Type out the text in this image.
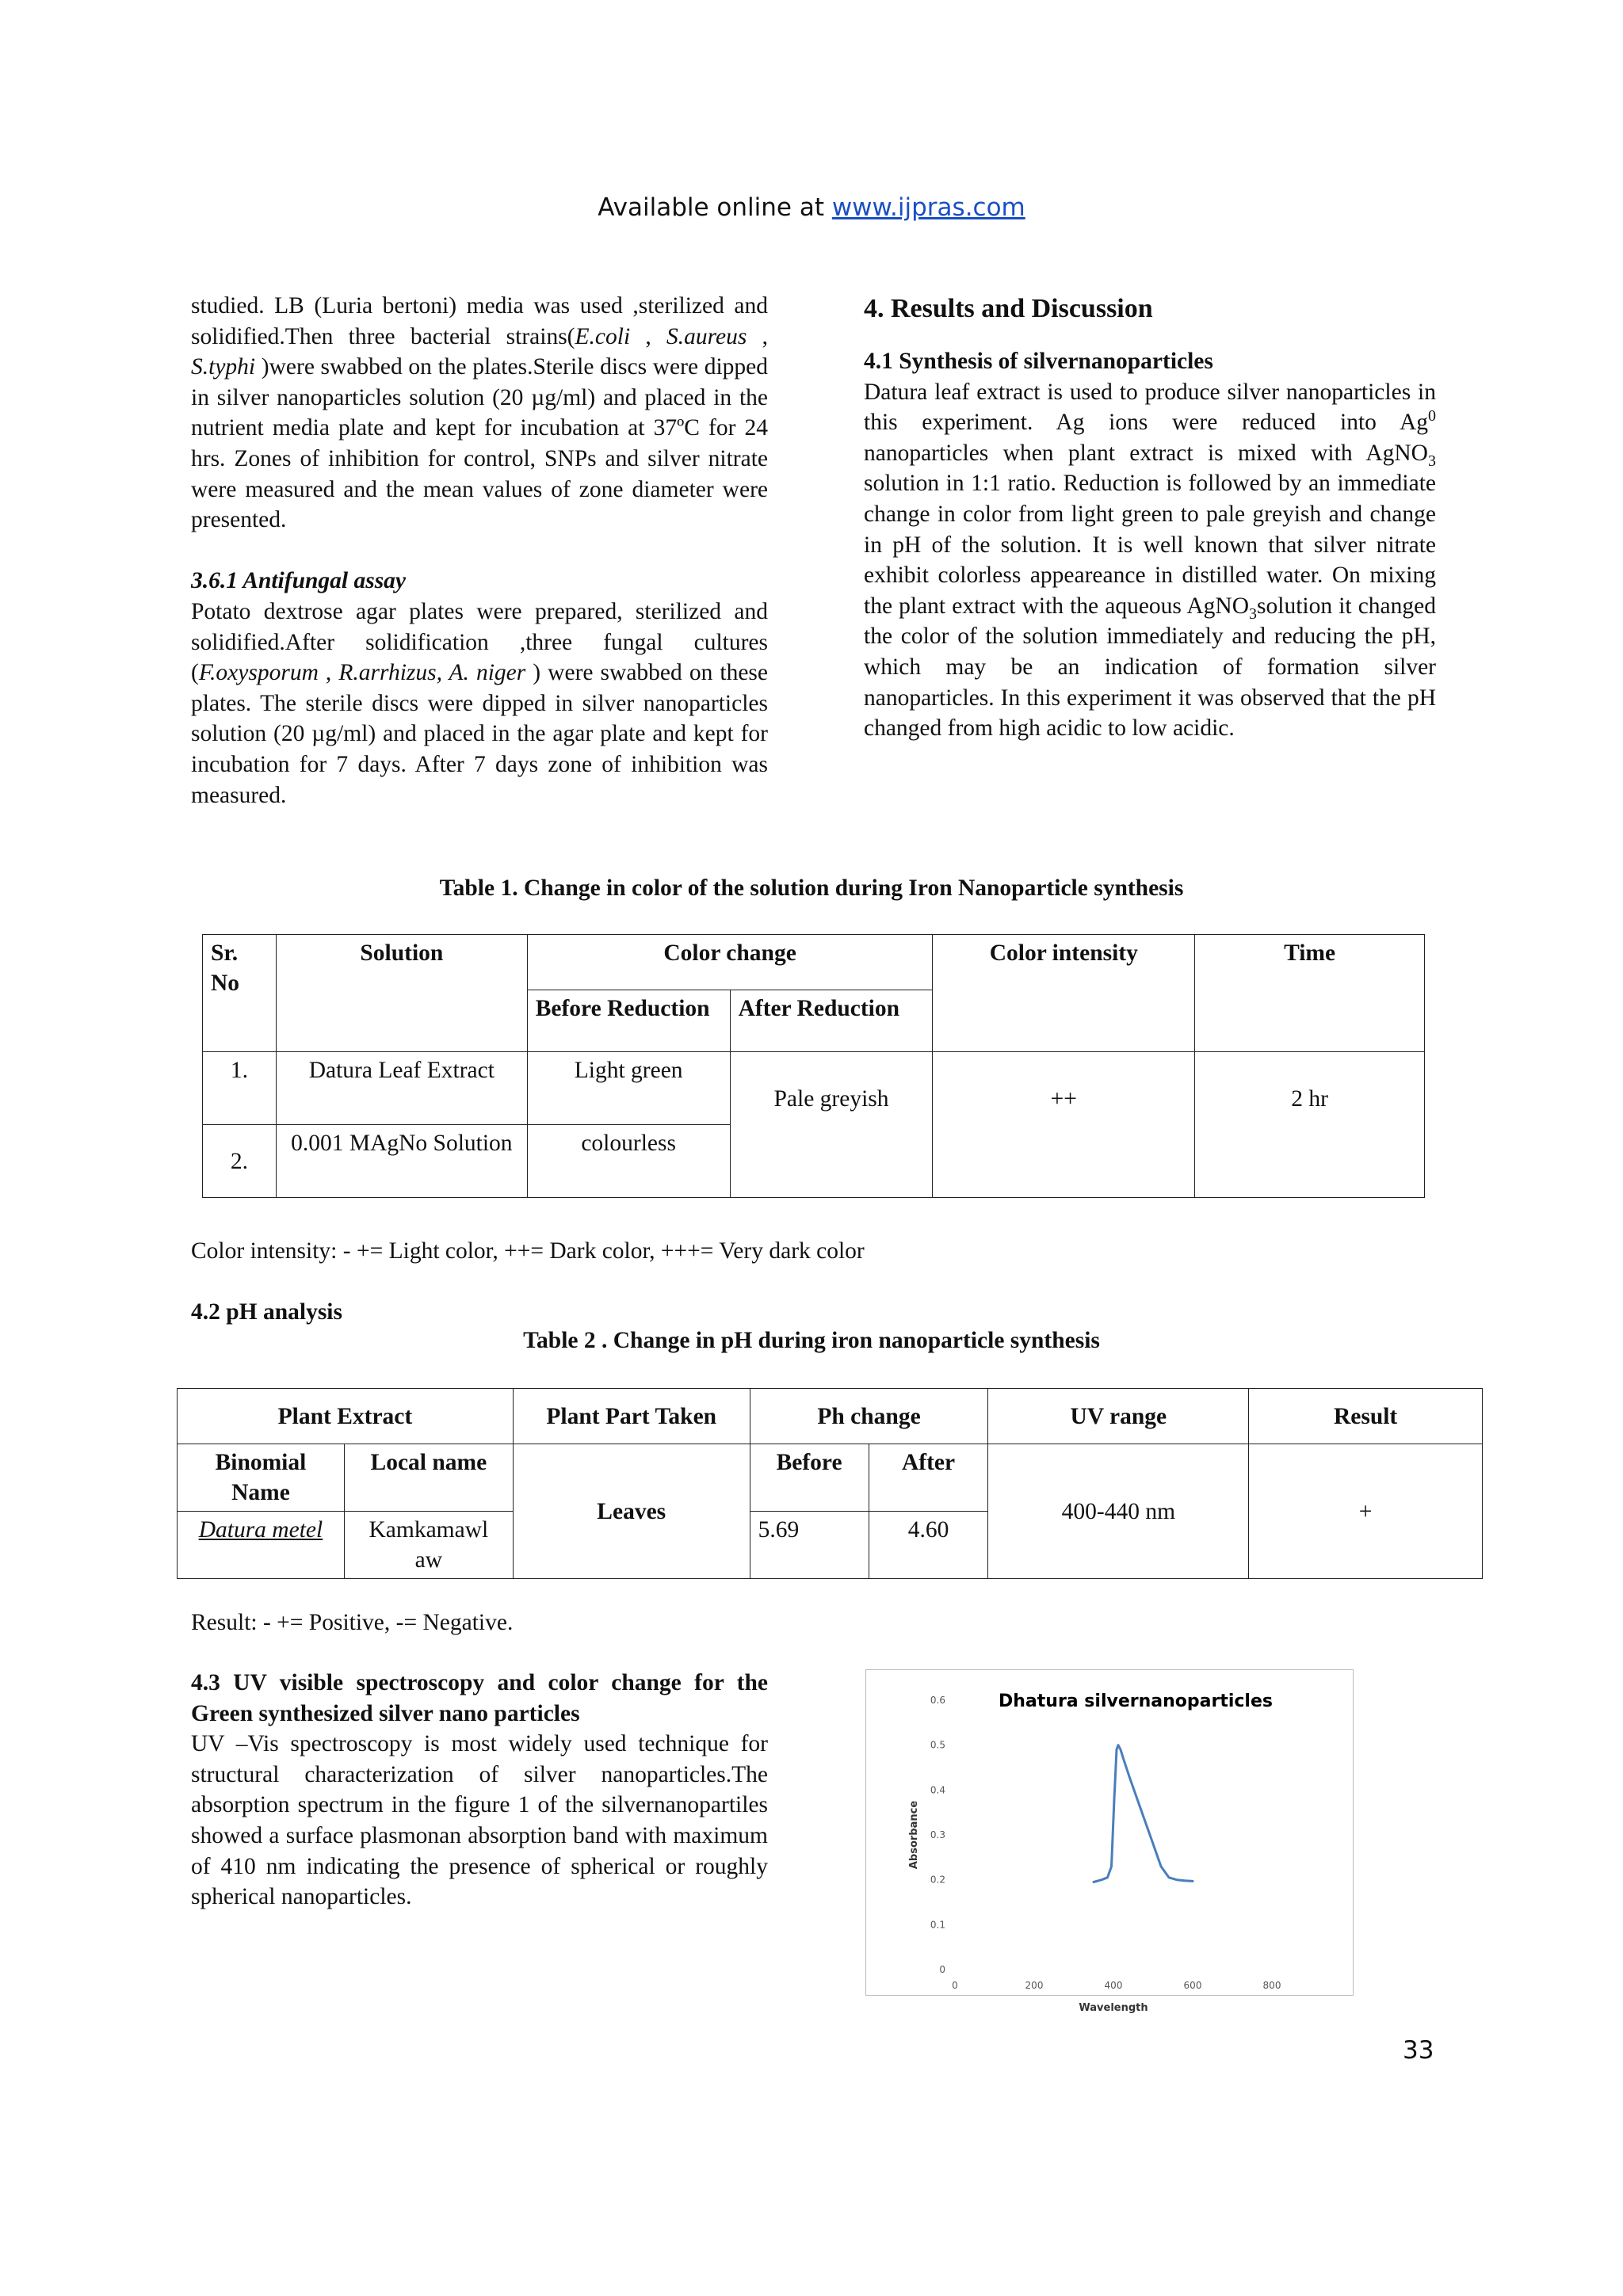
Available online at www.ijpras.com

studied. LB (Luria bertoni) media was used ,sterilized and solidified.Then three bacterial strains(E.coli , S.aureus , S.typhi )were swabbed on the plates.Sterile discs were dipped in silver nanoparticles solution (20 µg/ml) and placed in the nutrient media plate and kept for incubation at 37ºC for 24 hrs. Zones of inhibition for control, SNPs and silver nitrate were measured and the mean values of zone diameter were presented.

3.6.1 Antifungal assay

Potato dextrose agar plates were prepared, sterilized and solidified.After solidification ,three fungal cultures (F.oxysporum , R.arrhizus, A. niger ) were swabbed on these plates. The sterile discs were dipped in silver nanoparticles solution (20 µg/ml) and placed in the agar plate and kept for incubation for 7 days. After 7 days zone of inhibition was measured.

4. Results and Discussion

4.1 Synthesis of silvernanoparticles

Datura leaf extract is used to produce silver nanoparticles in this experiment. Ag ions were reduced into Ag$^0$ nanoparticles when plant extract is mixed with AgNO$_3$ solution in 1:1 ratio. Reduction is followed by an immediate change in color from light green to pale greyish and change in pH of the solution. It is well known that silver nitrate exhibit colorless appeareance in distilled water. On mixing the plant extract with the aqueous AgNO$_3$solution it changed the color of the solution immediately and reducing the pH, which may be an indication of formation silver nanoparticles. In this experiment it was observed that the pH changed from high acidic to low acidic.

Table 1. Change in color of the solution during Iron Nanoparticle synthesis
Sr. No	Solution	Color change		Color intensity	Time
		Before Reduction	After Reduction		
1.	Datura Leaf Extract	Light green	Pale greyish	++	2 hr
2.	0.001 MAgNo Solution	colourless			
Color intensity: - += Light color, ++= Dark color, +++= Very dark color
4.2 pH analysis
Table 2 . Change in pH during iron nanoparticle synthesis
Plant Extract		Plant Part Taken	Ph change		UV range	Result
Binomial Name	Local name	Leaves	Before	After	400-440 nm	+
Datura metel	Kamkamawl aw		5.69	4.60		
Result: - += Positive, -= Negative.

4.3 UV visible spectroscopy and color change for the Green synthesized silver nano particles

UV –Vis spectroscopy is most widely used technique for structural characterization of silver nanoparticles.The absorption spectrum in the figure 1 of the silvernanopartiles showed a surface plasmonan absorption band with maximum of 410 nm indicating the presence of spherical or roughly spherical nanoparticles.

Dhatura silvernanoparticles
0
0.1
0.2
0.3
0.4
0.5
0.6
0	200	400	600	800
Wavelength
Absorbance
33
